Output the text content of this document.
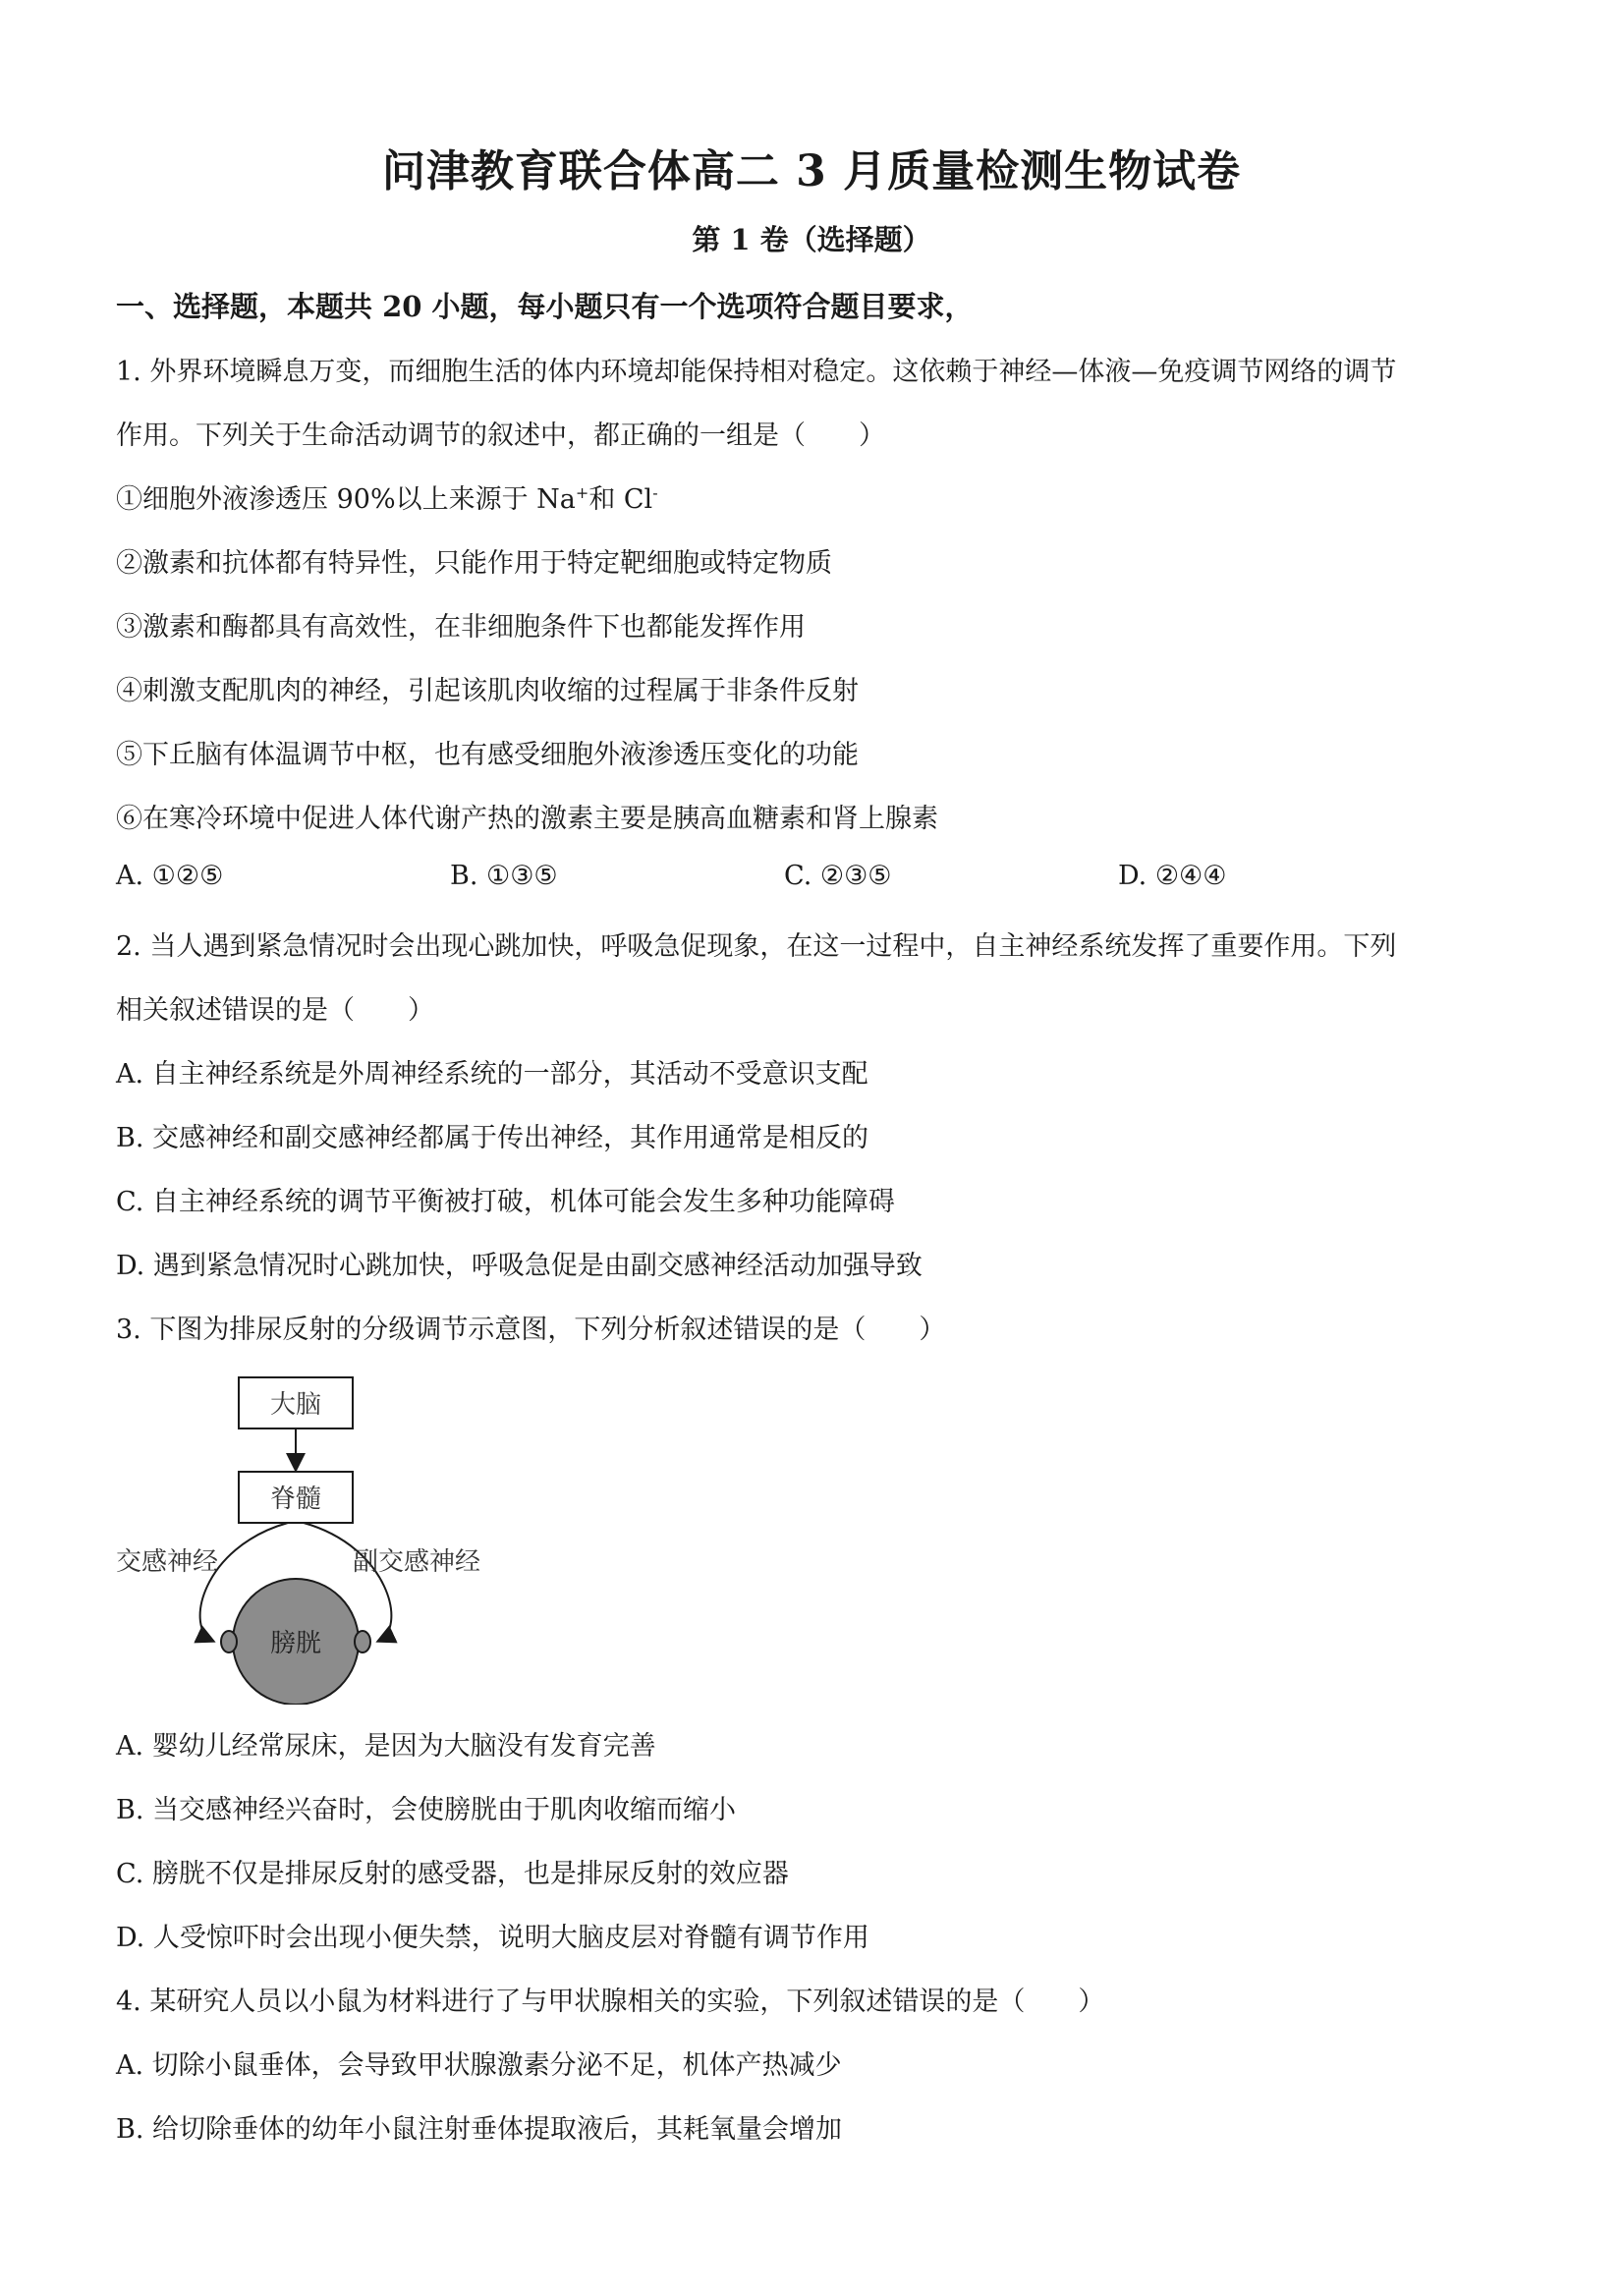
问津教育联合体高二 3 月质量检测生物试卷
第 1 卷（选择题）
一、选择题，本题共 20 小题，每小题只有一个选项符合题目要求，
1. 外界环境瞬息万变，而细胞生活的体内环境却能保持相对稳定。这依赖于神经—体液—免疫调节网络的调节
作用。下列关于生命活动调节的叙述中，都正确的一组是（　　）
①细胞外液渗透压 90%以上来源于 Na+和 Cl-
②激素和抗体都有特异性，只能作用于特定靶细胞或特定物质
③激素和酶都具有高效性，在非细胞条件下也都能发挥作用
④刺激支配肌肉的神经，引起该肌肉收缩的过程属于非条件反射
⑤下丘脑有体温调节中枢，也有感受细胞外液渗透压变化的功能
⑥在寒冷环境中促进人体代谢产热的激素主要是胰高血糖素和肾上腺素
A. ①②⑤	B. ①③⑤	C. ②③⑤	D. ②④④
2. 当人遇到紧急情况时会出现心跳加快，呼吸急促现象，在这一过程中，自主神经系统发挥了重要作用。下列
相关叙述错误的是（　　）
A. 自主神经系统是外周神经系统的一部分，其活动不受意识支配
B. 交感神经和副交感神经都属于传出神经，其作用通常是相反的
C. 自主神经系统的调节平衡被打破，机体可能会发生多种功能障碍
D. 遇到紧急情况时心跳加快，呼吸急促是由副交感神经活动加强导致
3. 下图为排尿反射的分级调节示意图，下列分析叙述错误的是（　　）
大脑
脊髓
交感神经	副交感神经
膀胱
A. 婴幼儿经常尿床，是因为大脑没有发育完善
B. 当交感神经兴奋时，会使膀胱由于肌肉收缩而缩小
C. 膀胱不仅是排尿反射的感受器，也是排尿反射的效应器
D. 人受惊吓时会出现小便失禁，说明大脑皮层对脊髓有调节作用
4. 某研究人员以小鼠为材料进行了与甲状腺相关的实验，下列叙述错误的是（　　）
A. 切除小鼠垂体，会导致甲状腺激素分泌不足，机体产热减少
B. 给切除垂体的幼年小鼠注射垂体提取液后，其耗氧量会增加
